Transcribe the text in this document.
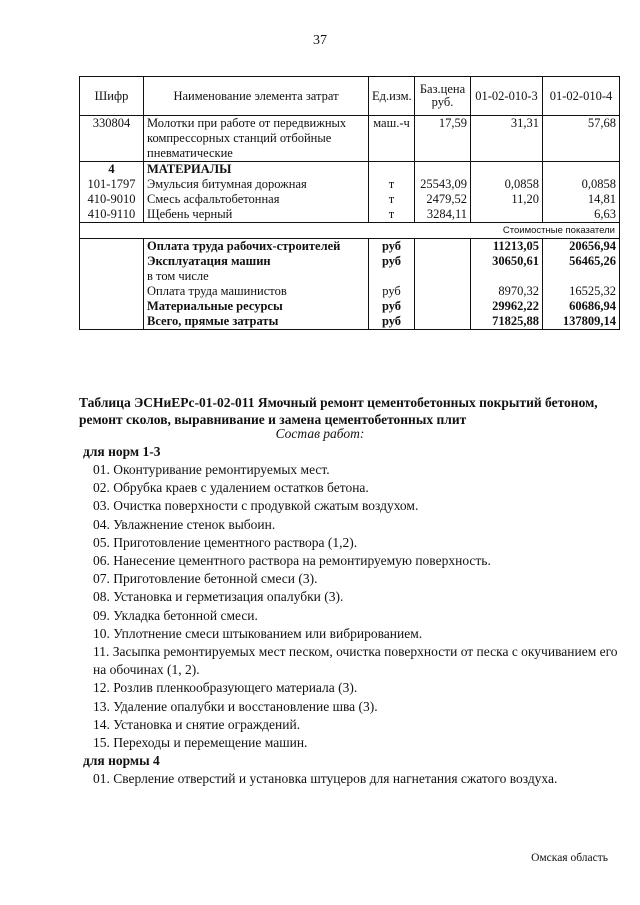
37
Шифр	Наименование элемента затрат	Ед.изм.	Баз.цена руб.	01-02-010-3	01-02-010-4
330804	Молотки при работе от передвижных компрессорных станций отбойные пневматические	маш.-ч	17,59	31,31	57,68
4	МАТЕРИАЛЫ				
101-1797	Эмульсия битумная дорожная	т	25543,09	0,0858	0,0858
410-9010	Смесь асфальтобетонная	т	2479,52	11,20	14,81
410-9110	Щебень черный	т	3284,11		6,63
Стоимостные показатели					
	Оплата труда рабочих-строителей	руб		11213,05	20656,94
	Эксплуатация машин	руб		30650,61	56465,26
	в том числе				
	Оплата труда машинистов	руб		8970,32	16525,32
	Материальные ресурсы	руб		29962,22	60686,94
	Всего, прямые затраты	руб		71825,88	137809,14
Таблица ЭСНиЕРс-01-02-011 Ямочный ремонт цементобетонных покрытий бетоном, ремонт сколов, выравнивание и замена цементобетонных плит
Состав работ:
для норм 1-3
01. Оконтуривание ремонтируемых мест.
02. Обрубка краев с удалением остатков бетона.
03. Очистка поверхности с продувкой сжатым воздухом.
04. Увлажнение стенок выбоин.
05. Приготовление цементного раствора (1,2).
06. Нанесение цементного раствора на ремонтируемую поверхность.
07. Приготовление бетонной смеси (3).
08. Установка и герметизация опалубки (3).
09. Укладка бетонной смеси.
10. Уплотнение смеси штыкованием или вибрированием.
11. Засыпка ремонтируемых мест песком, очистка поверхности от песка с окучиванием его на обочинах (1, 2).
12. Розлив пленкообразующего материала (3).
13. Удаление опалубки и восстановление шва (3).
14. Установка и снятие ограждений.
15. Переходы и перемещение машин.
для нормы 4
01. Сверление отверстий и установка штуцеров для нагнетания сжатого воздуха.
Омская область
